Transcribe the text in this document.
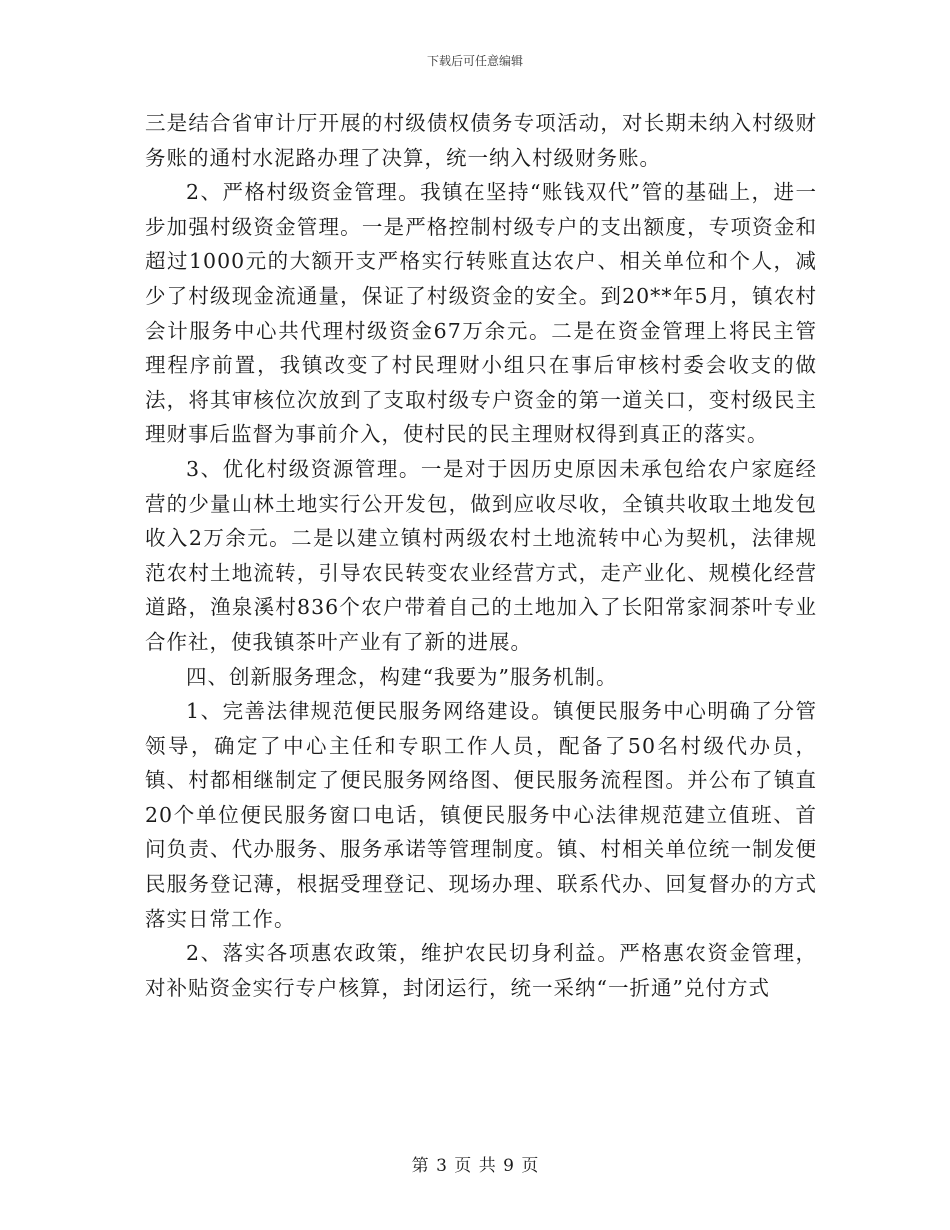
下载后可任意编辑

三是结合省审计厅开展的村级债权债务专项活动，对长期未纳入村级财务账的通村水泥路办理了决算，统一纳入村级财务账。

2、严格村级资金管理。我镇在坚持“账钱双代”管的基础上，进一步加强村级资金管理。一是严格控制村级专户的支出额度，专项资金和超过1000元的大额开支严格实行转账直达农户、相关单位和个人，减少了村级现金流通量，保证了村级资金的安全。到20**年5月，镇农村会计服务中心共代理村级资金67万余元。二是在资金管理上将民主管理程序前置，我镇改变了村民理财小组只在事后审核村委会收支的做法，将其审核位次放到了支取村级专户资金的第一道关口，变村级民主理财事后监督为事前介入，使村民的民主理财权得到真正的落实。

3、优化村级资源管理。一是对于因历史原因未承包给农户家庭经营的少量山林土地实行公开发包，做到应收尽收，全镇共收取土地发包收入2万余元。二是以建立镇村两级农村土地流转中心为契机，法律规范农村土地流转，引导农民转变农业经营方式，走产业化、规模化经营道路，渔泉溪村836个农户带着自己的土地加入了长阳常家洞茶叶专业合作社，使我镇茶叶产业有了新的进展。

四、创新服务理念，构建“我要为”服务机制。

1、完善法律规范便民服务网络建设。镇便民服务中心明确了分管领导，确定了中心主任和专职工作人员，配备了50名村级代办员，镇、村都相继制定了便民服务网络图、便民服务流程图。并公布了镇直20个单位便民服务窗口电话，镇便民服务中心法律规范建立值班、首问负责、代办服务、服务承诺等管理制度。镇、村相关单位统一制发便民服务登记薄，根据受理登记、现场办理、联系代办、回复督办的方式落实日常工作。

2、落实各项惠农政策，维护农民切身利益。严格惠农资金管理，对补贴资金实行专户核算，封闭运行，统一采纳“一折通”兑付方式

第 3 页 共 9 页
